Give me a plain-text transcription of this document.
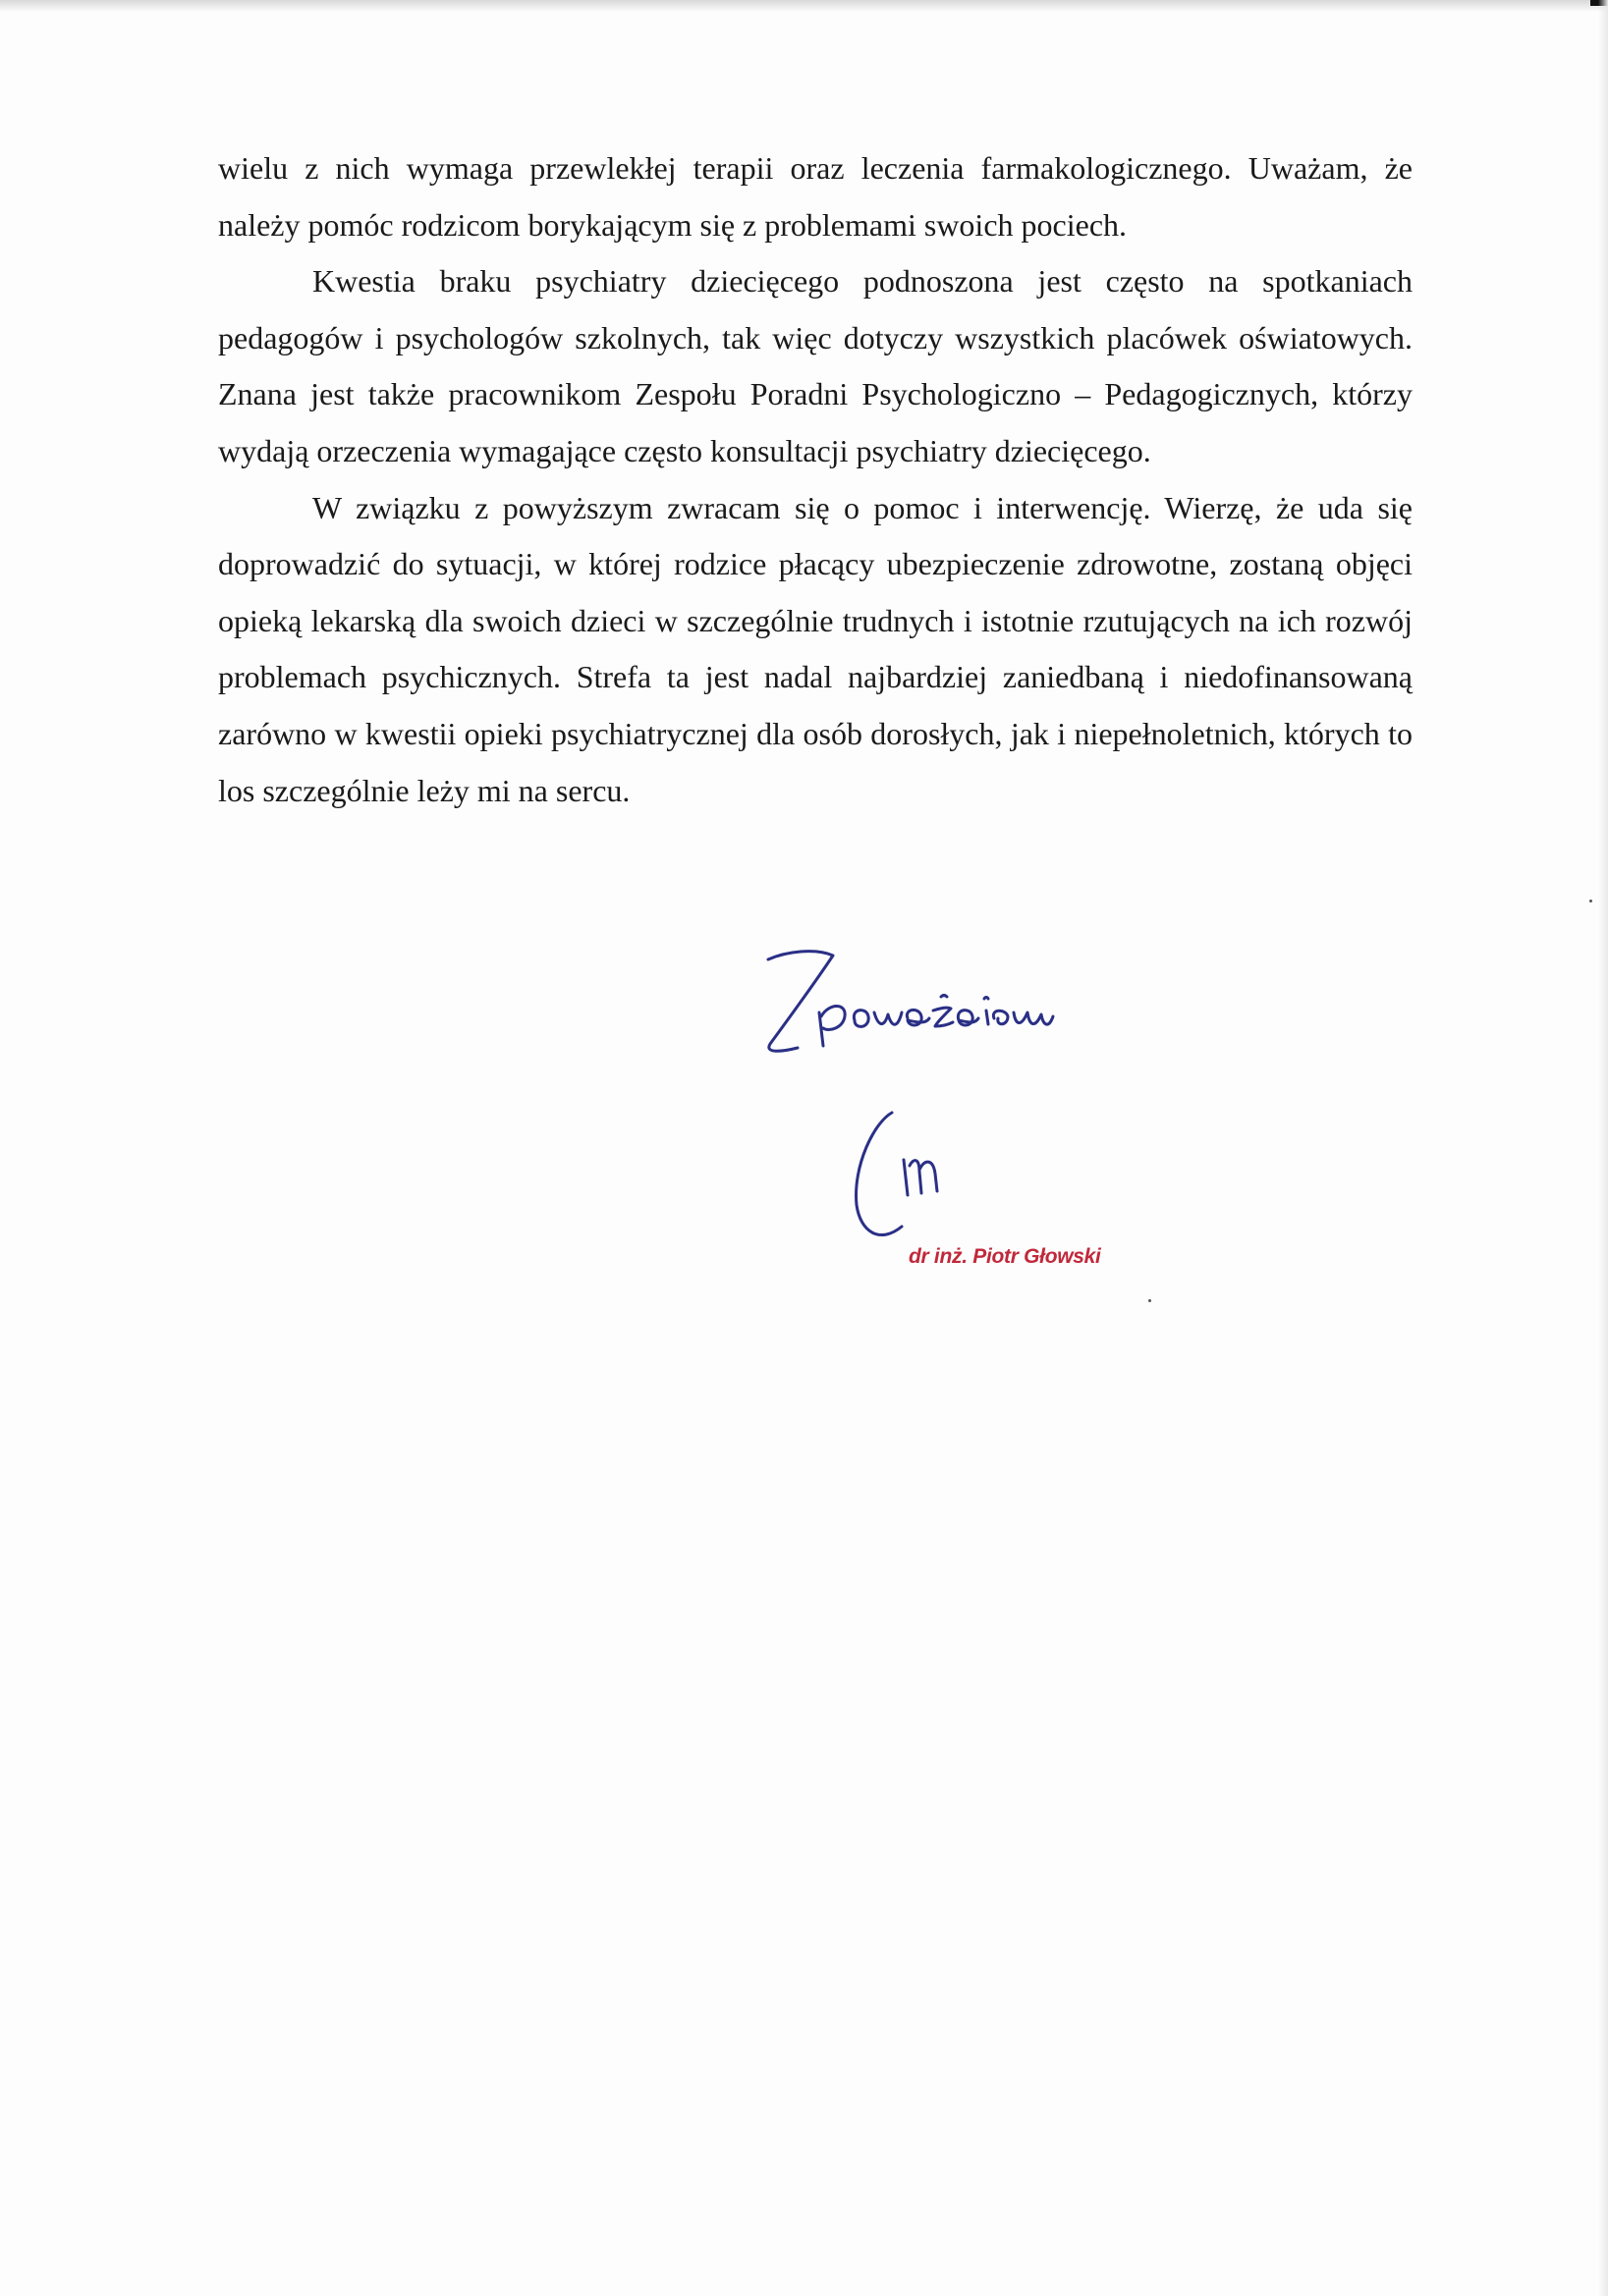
wielu z nich wymaga przewlekłej terapii oraz leczenia farmakologicznego. Uważam, że należy pomóc rodzicom borykającym się z problemami swoich pociech.

Kwestia braku psychiatry dziecięcego podnoszona jest często na spotkaniach pedagogów i psychologów szkolnych, tak więc dotyczy wszystkich placówek oświatowych. Znana jest także pracownikom Zespołu Poradni Psychologiczno – Pedagogicznych, którzy wydają orzeczenia wymagające często konsultacji psychiatry dziecięcego.

W związku z powyższym zwracam się o pomoc i interwencję. Wierzę, że uda się doprowadzić do sytuacji, w której rodzice płacący ubezpieczenie zdrowotne, zostaną objęci opieką lekarską dla swoich dzieci w szczególnie trudnych i istotnie rzutujących na ich rozwój problemach psychicznych. Strefa ta jest nadal najbardziej zaniedbaną i niedofinansowaną zarówno w kwestii opieki psychiatrycznej dla osób dorosłych, jak i niepełnoletnich, których to los szczególnie leży mi na sercu.

dr inż. Piotr Głowski
